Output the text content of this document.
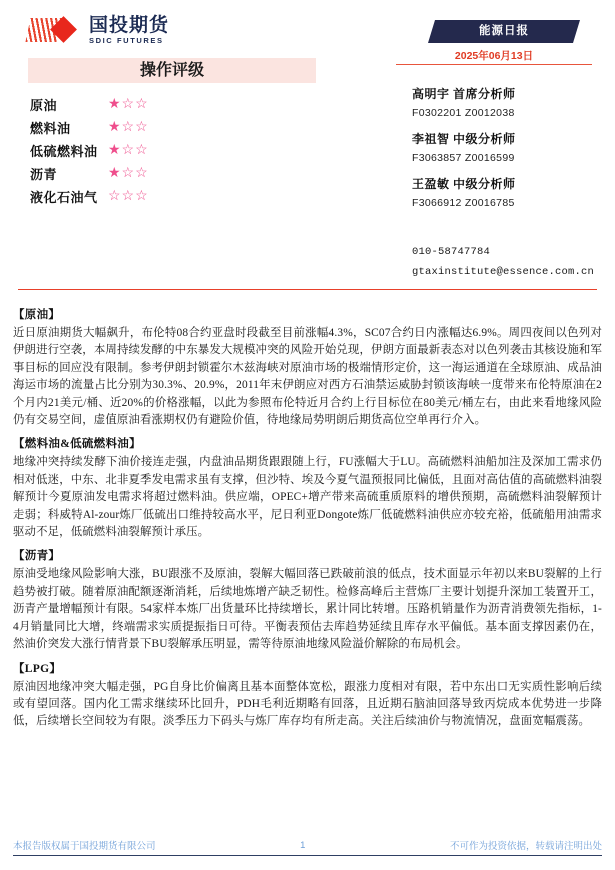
国投期货
SDIC FUTURES
操作评级
原油	★☆☆
燃料油	★☆☆
低硫燃料油 ★☆☆
沥青	★☆☆
液化石油气 ☆☆☆
能源日报
2025年06月13日
高明宇 首席分析师
F0302201 Z0012038
李祖智 中级分析师
F3063857 Z0016599
王盈敏 中级分析师
F3066912 Z0016785
010-58747784
gtaxinstitute@essence.com.cn
【原油】

近日原油期货大幅飙升，布伦特08合约亚盘时段截至目前涨幅4.3%，SC07合约日内涨幅达6.9%。周四夜间以色列对伊朗进行空袭，本周持续发酵的中东暴发大规模冲突的风险开始兑现，伊朗方面最新表态对以色列袭击其核设施和军事目标的回应没有限制。参考伊朗封锁霍尔木兹海峡对原油市场的极端情形定价，这一海运通道在全球原油、成品油海运市场的流量占比分别为30.3%、20.9%，2011年末伊朗应对西方石油禁运威胁封锁该海峡一度带来布伦特原油在2个月内21美元/桶、近20%的价格涨幅，以此为参照布伦特近月合约上行目标位在80美元/桶左右，由此来看地缘风险仍有交易空间，虚值原油看涨期权仍有避险价值，待地缘局势明朗后期货高位空单再行介入。

【燃料油&低硫燃料油】

地缘冲突持续发酵下油价接连走强，内盘油品期货跟跟随上行，FU涨幅大于LU。高硫燃料油船加注及深加工需求仍相对低迷，中东、北非夏季发电需求虽有支撑，但沙特、埃及今夏气温预报同比偏低，且面对高估值的高硫燃料油裂解预计今夏原油发电需求将超过燃料油。供应端，OPEC+增产带来高硫重质原料的增供预期，高硫燃料油裂解预计走弱；科威特Al-zour炼厂低硫出口维持较高水平，尼日利亚Dongote炼厂低硫燃料油供应亦较充裕，低硫船用油需求驱动不足，低硫燃料油裂解预计承压。

【沥青】

原油受地缘风险影响大涨，BU跟涨不及原油，裂解大幅回落已跌破前浪的低点，技术面显示年初以来BU裂解的上行趋势被打破。随着原油配额逐渐消耗，后续地炼增产缺乏韧性。检修高峰后主营炼厂主要计划提升深加工装置开工，沥青产量增幅预计有限。54家样本炼厂出货量环比持续增长，累计同比转增。压路机销量作为沥青消费领先指标，1-4月销量同比大增，终端需求实质提振指日可待。平衡表预估去库趋势延续且库存水平偏低。基本面支撑因素仍在，然油价突发大涨行情背景下BU裂解承压明显，需等待原油地缘风险溢价解除的布局机会。

【LPG】

原油因地缘冲突大幅走强，PG自身比价偏离且基本面整体宽松，跟涨力度相对有限，若中东出口无实质性影响后续或有望回落。国内化工需求继续环比回升，PDH毛利近期略有回落，且近期石脑油回落导致丙烷成本优势进一步降低，后续增长空间较为有限。淡季压力下码头与炼厂库存均有所走高。关注后续油价与物流情况，盘面宽幅震荡。

本报告版权属于国投期货有限公司	1	不可作为投资依据，转载请注明出处
